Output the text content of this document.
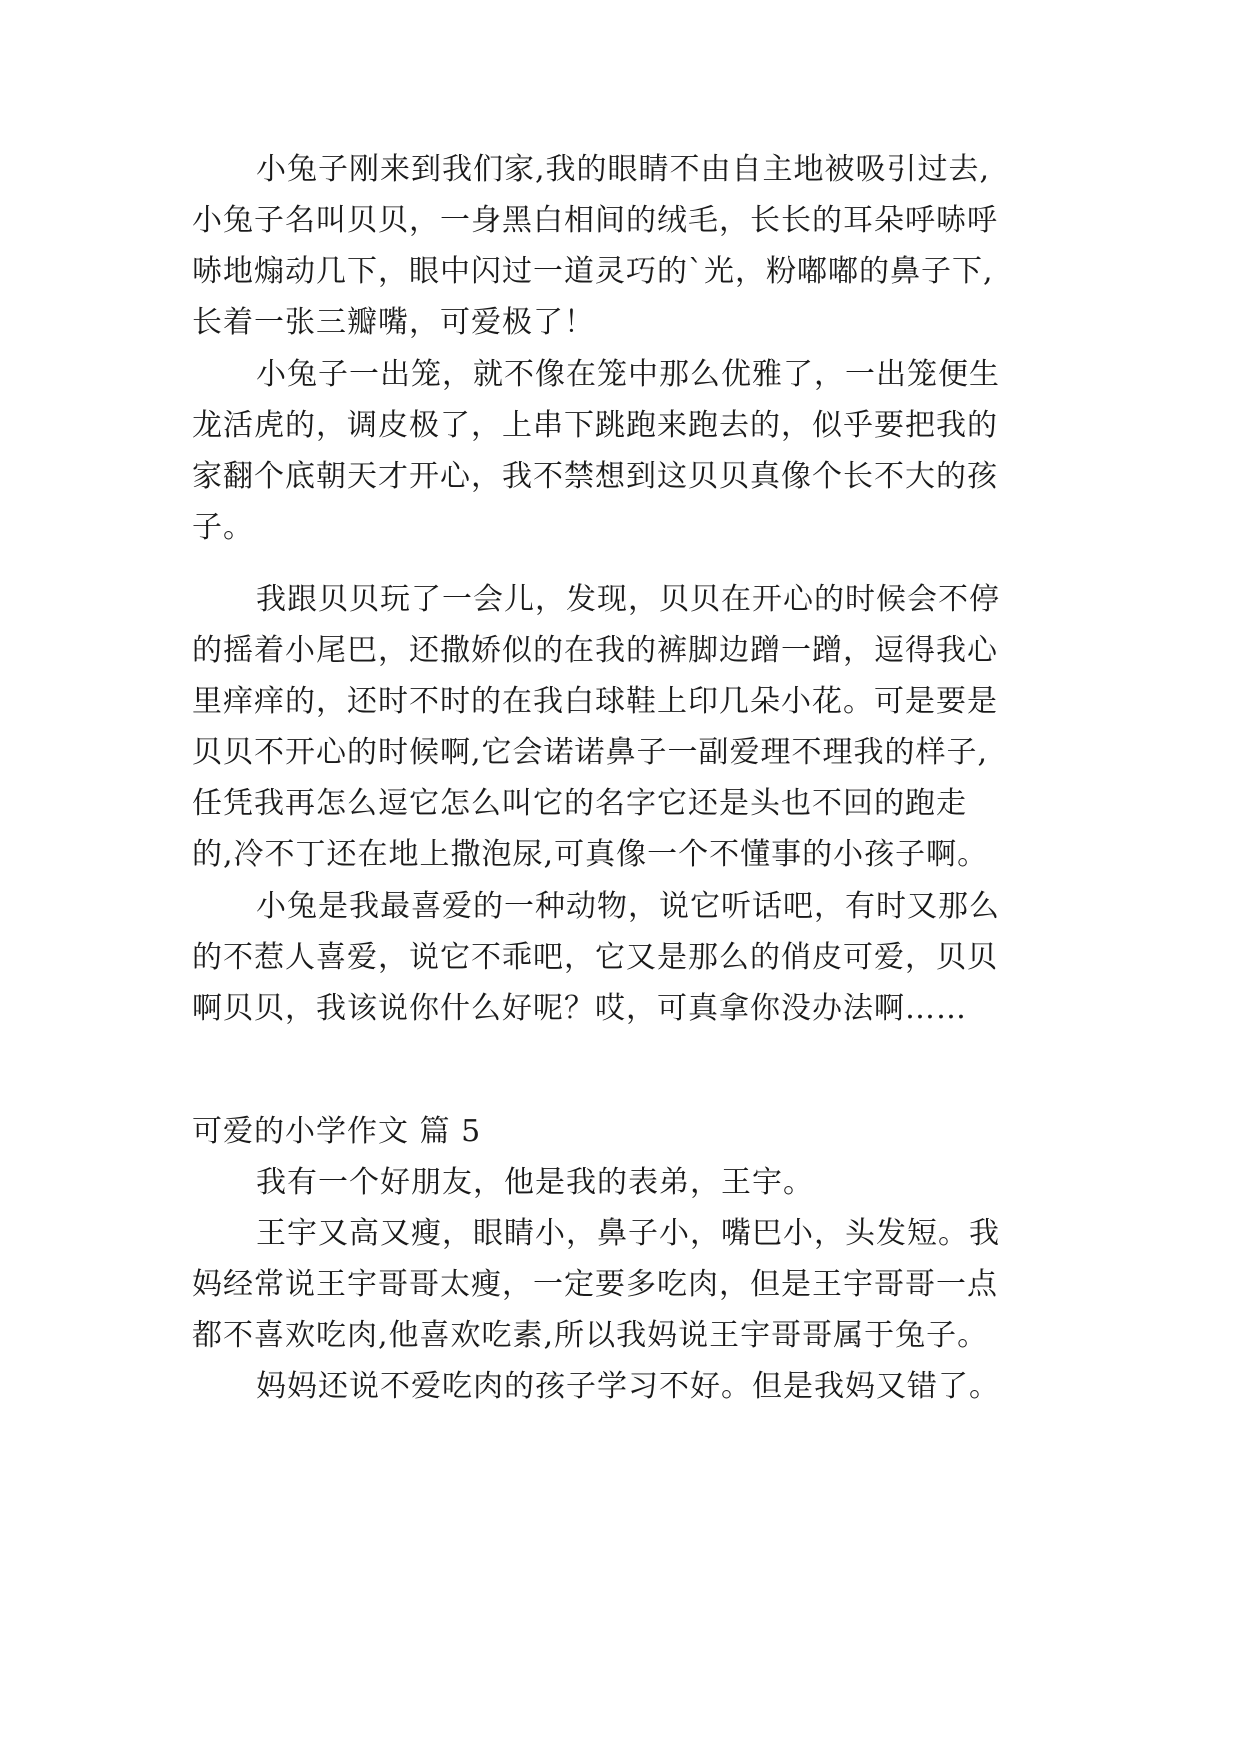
小兔子刚来到我们家,我的眼睛不由自主地被吸引过去,
小兔子名叫贝贝，一身黑白相间的绒毛，长长的耳朵呼哧呼
哧地煽动几下，眼中闪过一道灵巧的`光，粉嘟嘟的鼻子下,
长着一张三瓣嘴，可爱极了！
小兔子一出笼，就不像在笼中那么优雅了，一出笼便生
龙活虎的，调皮极了，上串下跳跑来跑去的，似乎要把我的
家翻个底朝天才开心，我不禁想到这贝贝真像个长不大的孩
子。
我跟贝贝玩了一会儿，发现，贝贝在开心的时候会不停
的摇着小尾巴，还撒娇似的在我的裤脚边蹭一蹭，逗得我心
里痒痒的，还时不时的在我白球鞋上印几朵小花。可是要是
贝贝不开心的时候啊,它会诺诺鼻子一副爱理不理我的样子,
任凭我再怎么逗它怎么叫它的名字它还是头也不回的跑走
的,冷不丁还在地上撒泡尿,可真像一个不懂事的小孩子啊。
小兔是我最喜爱的一种动物，说它听话吧，有时又那么
的不惹人喜爱，说它不乖吧，它又是那么的俏皮可爱，贝贝
啊贝贝，我该说你什么好呢？哎，可真拿你没办法啊……
可爱的小学作文 篇 5
我有一个好朋友，他是我的表弟，王宇。
王宇又高又瘦，眼睛小，鼻子小，嘴巴小，头发短。我
妈经常说王宇哥哥太瘦，一定要多吃肉，但是王宇哥哥一点
都不喜欢吃肉,他喜欢吃素,所以我妈说王宇哥哥属于兔子。
妈妈还说不爱吃肉的孩子学习不好。但是我妈又错了。
